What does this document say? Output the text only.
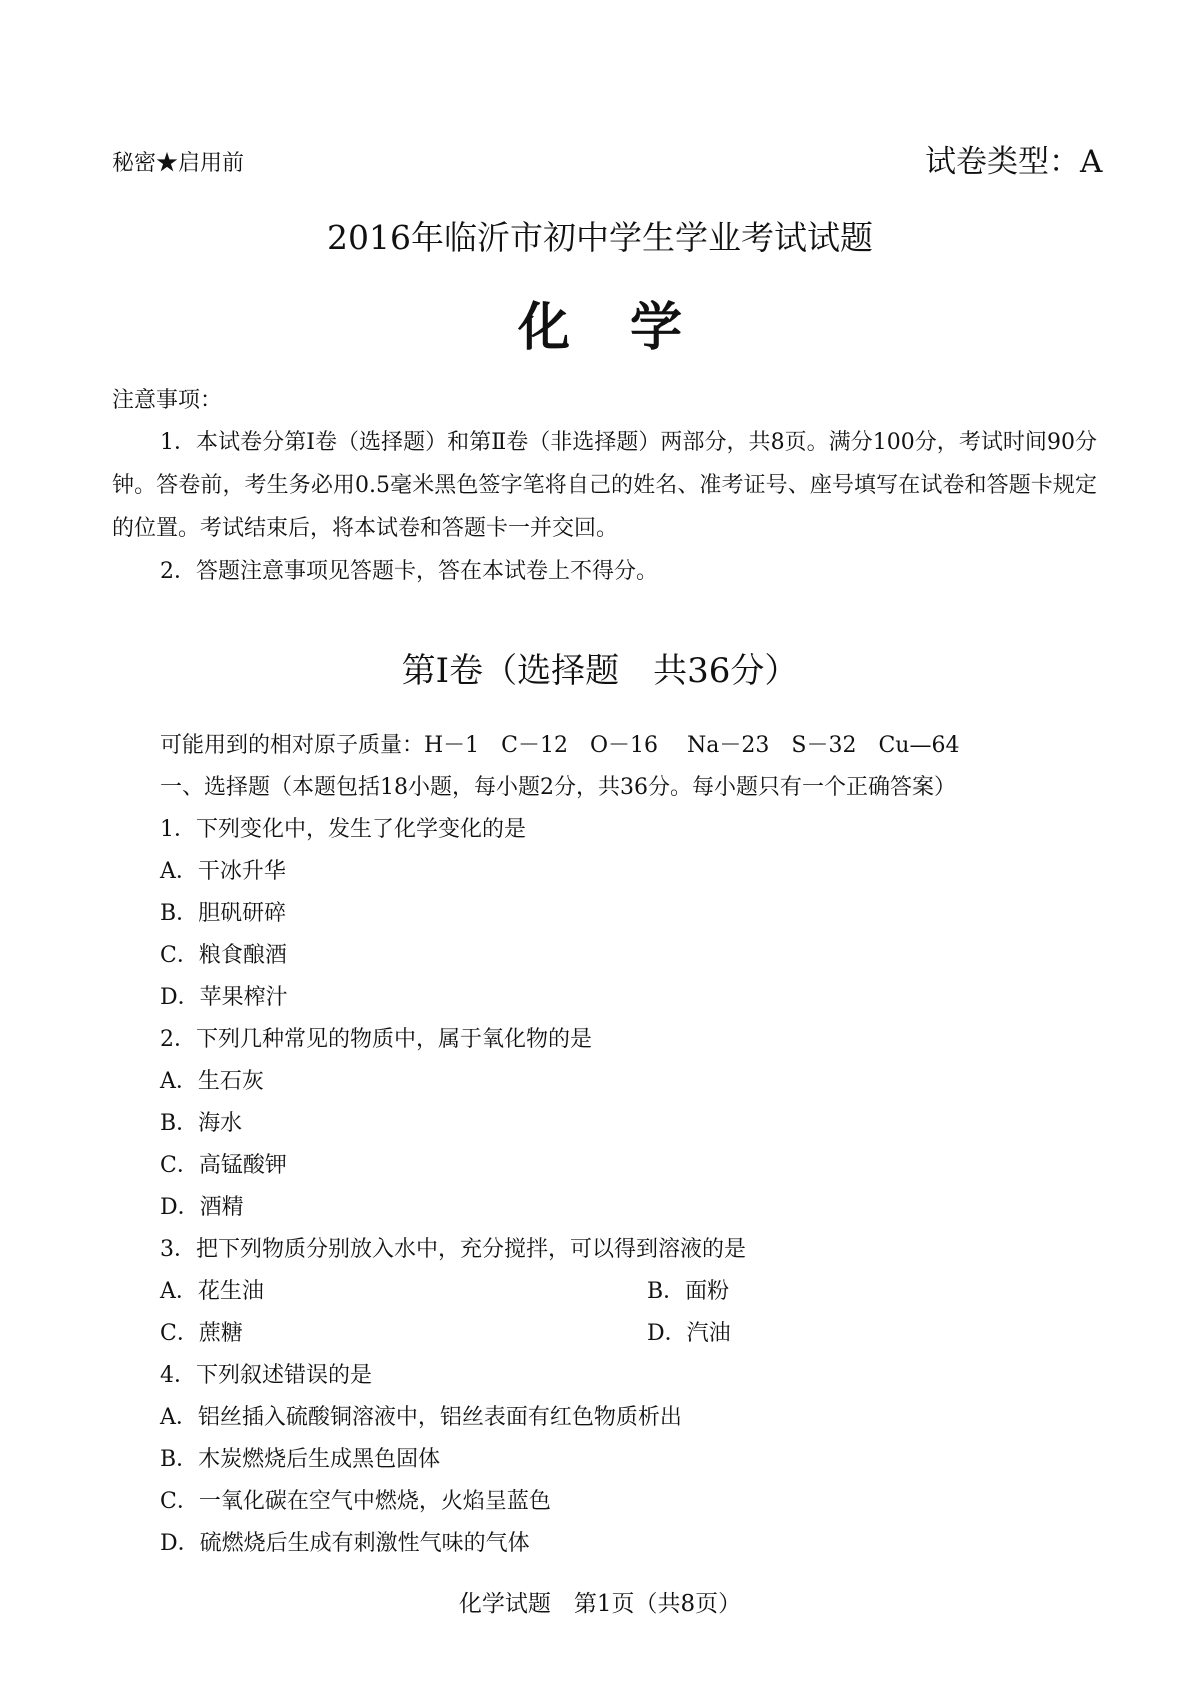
秘密★启用前	试卷类型：A
2016年临沂市初中学生学业考试试题
化学
注意事项：

1．本试卷分第Ⅰ卷（选择题）和第Ⅱ卷（非选择题）两部分，共8页。满分100分，考试时间90分钟。答卷前，考生务必用0.5毫米黑色签字笔将自己的姓名、准考证号、座号填写在试卷和答题卡规定的位置。考试结束后，将本试卷和答题卡一并交回。

2．答题注意事项见答题卡，答在本试卷上不得分。

第Ⅰ卷（选择题　共36分）
可能用到的相对原子质量：H－1　C－12　O－16　 Na－23　S－32　Cu—64
一、选择题（本题包括18小题，每小题2分，共36分。每小题只有一个正确答案）
1．下列变化中，发生了化学变化的是
A．干冰升华
B．胆矾研碎
C．粮食酿酒
D．苹果榨汁
2．下列几种常见的物质中，属于氧化物的是
A．生石灰
B．海水
C．高锰酸钾
D．酒精
3．把下列物质分别放入水中，充分搅拌，可以得到溶液的是
A．花生油	B．面粉
C．蔗糖	D．汽油
4．下列叙述错误的是
A．铝丝插入硫酸铜溶液中，铝丝表面有红色物质析出
B．木炭燃烧后生成黑色固体
C．一氧化碳在空气中燃烧，火焰呈蓝色
D．硫燃烧后生成有刺激性气味的气体
化学试题　第1页（共8页）
